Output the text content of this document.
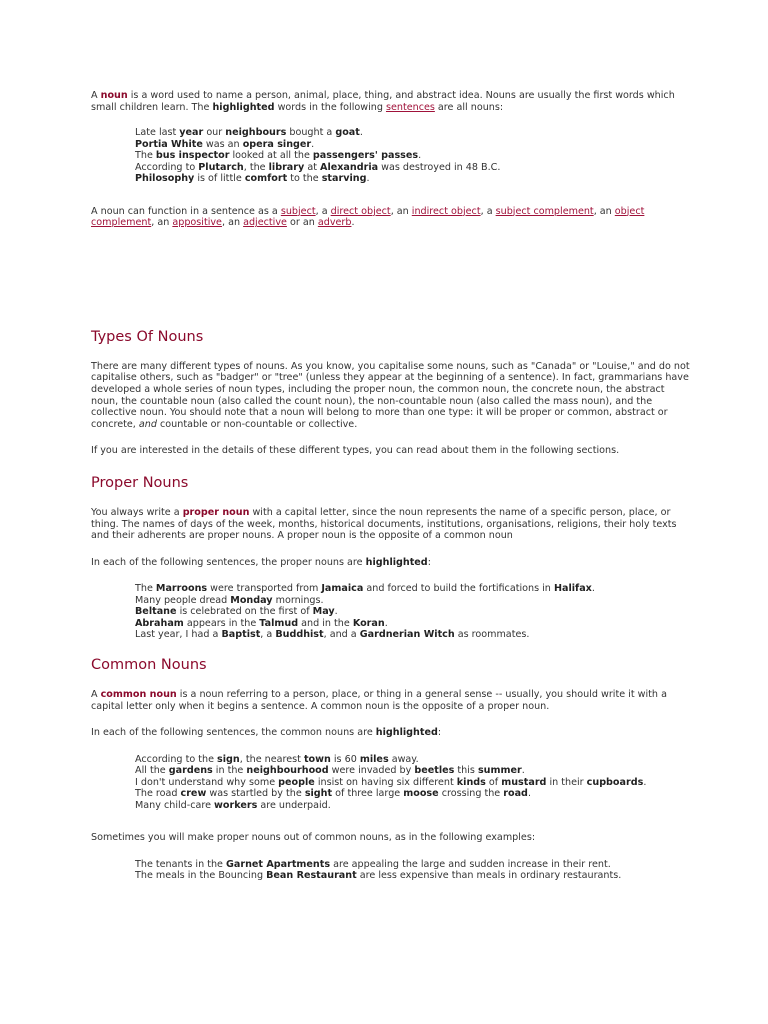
A noun is a word used to name a person, animal, place, thing, and abstract idea. Nouns are usually the first words which small children learn. The highlighted words in the following sentences are all nouns:

Late last year our neighbours bought a goat.
Portia White was an opera singer.
The bus inspector looked at all the passengers' passes.
According to Plutarch, the library at Alexandria was destroyed in 48 B.C.
Philosophy is of little comfort to the starving.

A noun can function in a sentence as a subject, a direct object, an indirect object, a subject complement, an object complement, an appositive, an adjective or an adverb.

Types Of Nouns

There are many different types of nouns. As you know, you capitalise some nouns, such as "Canada" or "Louise," and do not capitalise others, such as "badger" or "tree" (unless they appear at the beginning of a sentence). In fact, grammarians have developed a whole series of noun types, including the proper noun, the common noun, the concrete noun, the abstract noun, the countable noun (also called the count noun), the non-countable noun (also called the mass noun), and the collective noun. You should note that a noun will belong to more than one type: it will be proper or common, abstract or concrete, and countable or non-countable or collective.

If you are interested in the details of these different types, you can read about them in the following sections.

Proper Nouns

You always write a proper noun with a capital letter, since the noun represents the name of a specific person, place, or thing. The names of days of the week, months, historical documents, institutions, organisations, religions, their holy texts and their adherents are proper nouns. A proper noun is the opposite of a common noun

In each of the following sentences, the proper nouns are highlighted:

The Marroons were transported from Jamaica and forced to build the fortifications in Halifax.
Many people dread Monday mornings.
Beltane is celebrated on the first of May.
Abraham appears in the Talmud and in the Koran.
Last year, I had a Baptist, a Buddhist, and a Gardnerian Witch as roommates.
Common Nouns

A common noun is a noun referring to a person, place, or thing in a general sense -- usually, you should write it with a capital letter only when it begins a sentence. A common noun is the opposite of a proper noun.

In each of the following sentences, the common nouns are highlighted:

According to the sign, the nearest town is 60 miles away.
All the gardens in the neighbourhood were invaded by beetles this summer.
I don't understand why some people insist on having six different kinds of mustard in their cupboards.
The road crew was startled by the sight of three large moose crossing the road.
Many child-care workers are underpaid.

Sometimes you will make proper nouns out of common nouns, as in the following examples:

The tenants in the Garnet Apartments are appealing the large and sudden increase in their rent.
The meals in the Bouncing Bean Restaurant are less expensive than meals in ordinary restaurants.
